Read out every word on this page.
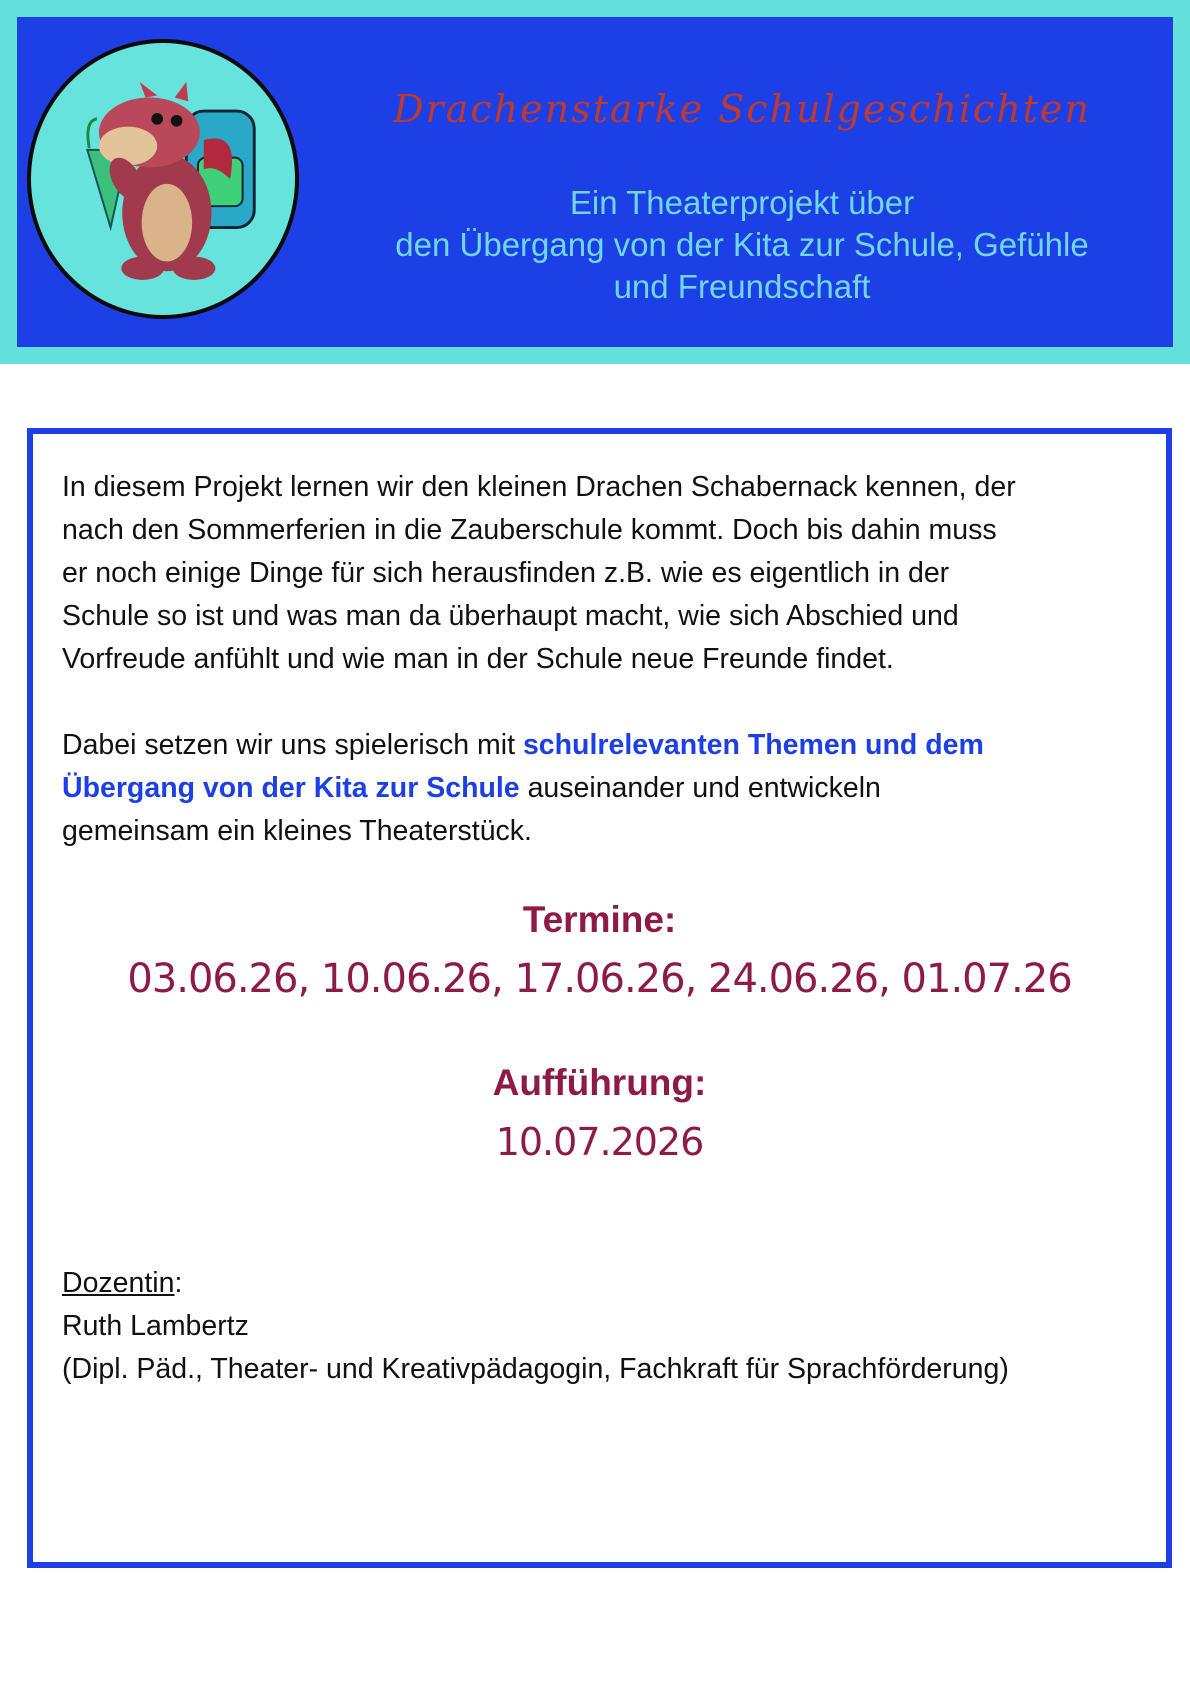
Drachenstarke Schulgeschichten
Ein Theaterprojekt über
den Übergang von der Kita zur Schule, Gefühle
und Freundschaft
In diesem Projekt lernen wir den kleinen Drachen Schabernack kennen, der
nach den Sommerferien in die Zauberschule kommt. Doch bis dahin muss
er noch einige Dinge für sich herausfinden z.B. wie es eigentlich in der
Schule so ist und was man da überhaupt macht, wie sich Abschied und
Vorfreude anfühlt und wie man in der Schule neue Freunde findet.
Dabei setzen wir uns spielerisch mit schulrelevanten Themen und dem
Übergang von der Kita zur Schule auseinander und entwickeln
gemeinsam ein kleines Theaterstück.
Termine:
03.06.26, 10.06.26, 17.06.26, 24.06.26, 01.07.26
Aufführung:
10.07.2026
Dozentin:
Ruth Lambertz
(Dipl. Päd., Theater- und Kreativpädagogin, Fachkraft für Sprachförderung)
